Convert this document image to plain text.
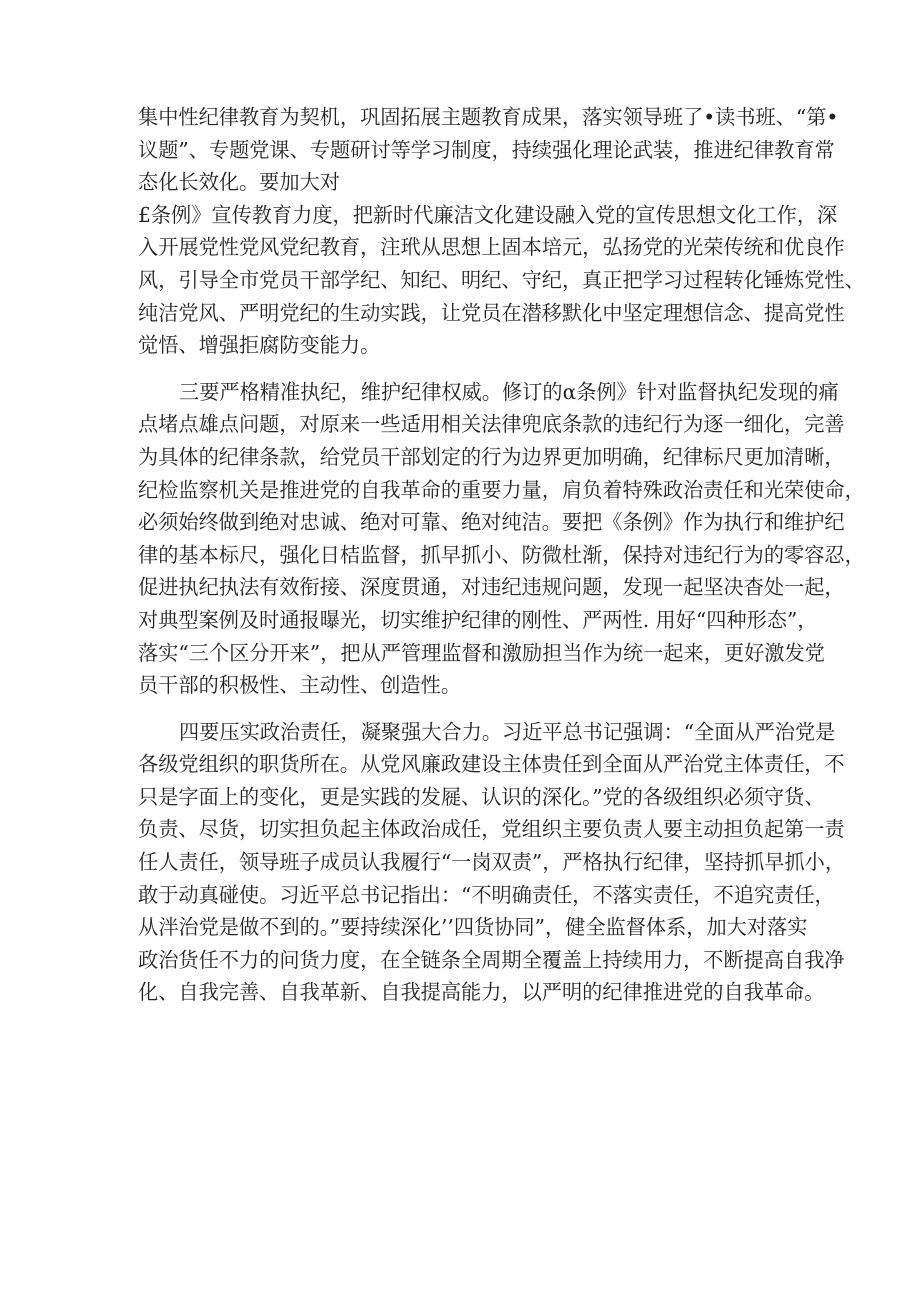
集中性纪律教育为契机，巩固拓展主题教育成果，落实领导班了•读书班、“第•
议题”、专题党课、专题研讨等学习制度，持续强化理论武装，推进纪律教育常
态化长效化。要加大对
£条例》宣传教育力度，把新时代廉洁文化建设融入党的宣传思想文化工作，深
入开展党性党风党纪教育，注玳从思想上固本培元，弘扬党的光荣传统和优良作
风，引导全市党员干部学纪、知纪、明纪、守纪，真正把学习过程转化锤炼党性、
纯洁党风、严明党纪的生动实践，让党员在潜移默化中坚定理想信念、提高党性
觉悟、增强拒腐防变能力。
三要严格精准执纪，维护纪律权威。修订的α条例》针对监督执纪发现的痛
点堵点雄点问题，对原来一些适用相关法律兜底条款的违纪行为逐一细化，完善
为具体的纪律条款，给党员干部划定的行为边界更加明确，纪律标尺更加清晰，
纪检监察机关是推进党的自我革命的重要力量，肩负着特殊政治责任和光荣使命，
必须始终做到绝对忠诚、绝对可靠、绝对纯洁。要把《条例》作为执行和维护纪
律的基本标尺，强化日桔监督，抓早抓小、防微杜渐，保持对违纪行为的零容忍，
促进执纪执法有效衔接、深度贯通，对违纪违规问题，发现一起坚决杳处一起，
对典型案例及时通报曝光，切实维护纪律的刚性、严两性. 用好“四种形态”，
落实“三个区分开来”，把从严管理监督和激励担当作为统一起来，更好激发党
员干部的积极性、主动性、创造性。
四要压实政治责任，凝聚强大合力。习近平总书记强调：“全面从严治党是
各级党组织的职货所在。从党风廉政建设主体贵任到全面从严治党主体责任，不
只是字面上的变化，更是实践的发屣、认识的深化。”党的各级组织必须守货、
负责、尽货，切实担负起主体政治成任，党组织主要负责人要主动担负起第一责
任人责任，领导班子成员认我履行“一岗双责”，严格执行纪律，坚持抓早抓小，
敢于动真碰使。习近平总书记指出：“不明确责任，不落实责任，不追究责任，
从泮治党是做不到的。”要持续深化’’四货协同”，健全监督体系，加大对落实
政治货任不力的问货力度，在全链条全周期全覆盖上持续用力，不断提高自我净
化、自我完善、自我革新、自我提高能力，以严明的纪律推进党的自我革命。
